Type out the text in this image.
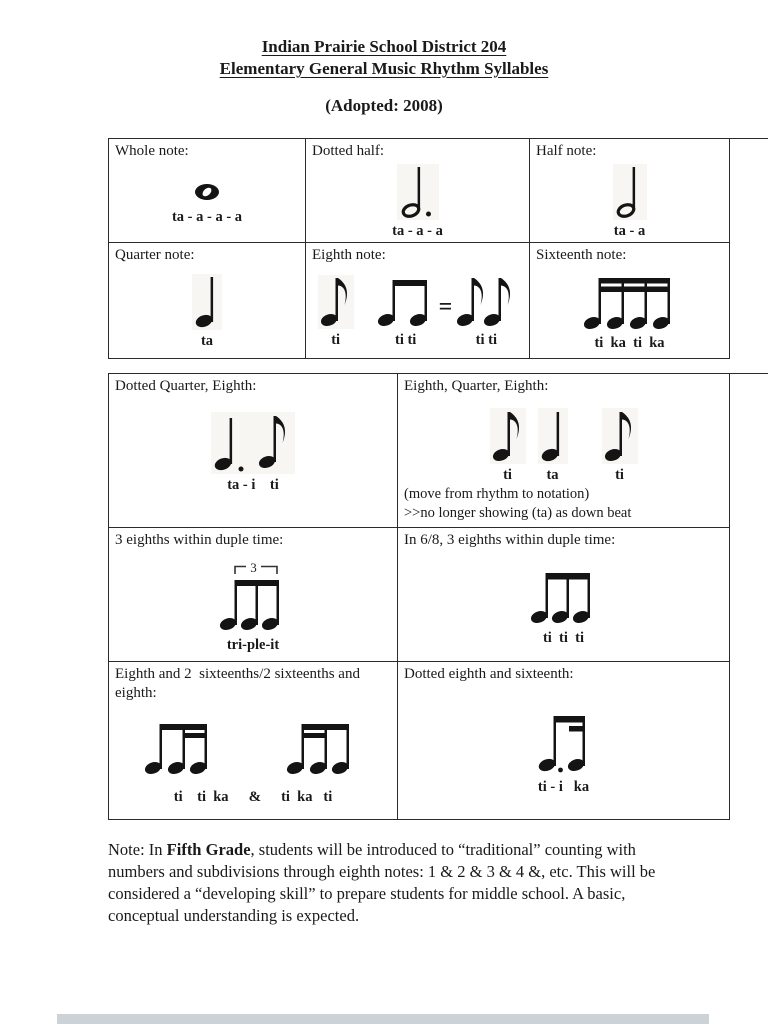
Indian Prairie School District 204
Elementary General Music Rhythm Syllables
(Adopted: 2008)
Whole note:
ta - a - a - a
Dotted half:
ta - a - a
Half note:
ta - a
Quarter note:
ta
Eighth note:
ti	ti ti
=
ti ti
Sixteenth note:
ti  ka  ti  ka
Dotted Quarter, Eighth:
ta - i    ti
Eighth, Quarter, Eighth:
ti ta	ti
(move from rhythm to notation)
>>no longer showing (ta) as down beat
3 eighths within duple time:
3
tri-ple-it
In 6/8, 3 eighths within duple time:
ti  ti  ti
Eighth and 2  sixteenths/2 sixteenths and eighth:
ti    ti  ka & ti  ka   ti
Dotted eighth and sixteenth:
ti - i   ka

Note: In Fifth Grade, students will be introduced to “traditional” counting with numbers and subdivisions through eighth notes: 1 & 2 & 3 & 4 &, etc. This will be considered a “developing skill” to prepare students for middle school. A basic, conceptual understanding is expected.
